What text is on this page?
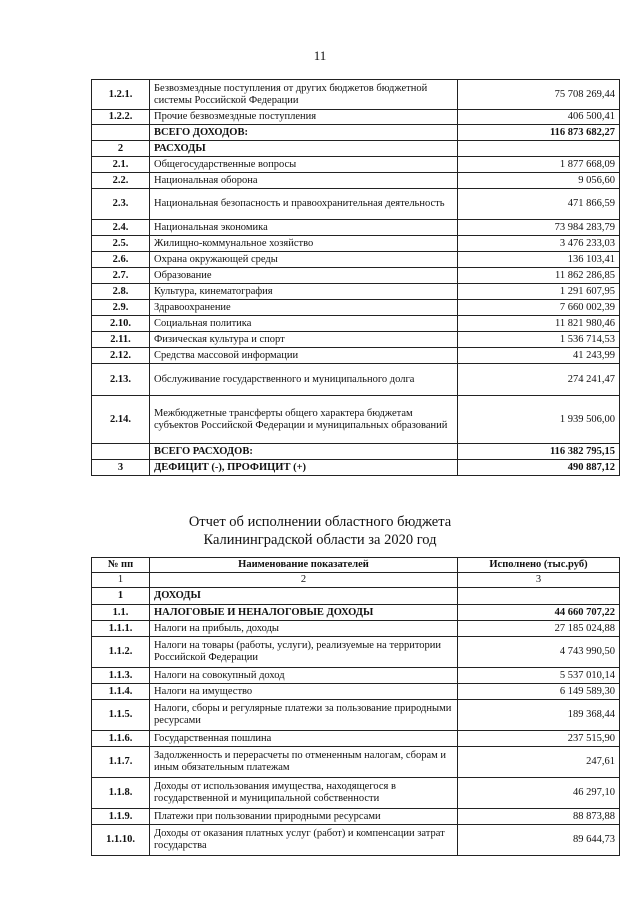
11
1.2.1.	Безвозмездные поступления от других бюджетов бюджетной системы Российской Федерации	75 708 269,44
1.2.2.	Прочие безвозмездные поступления	406 500,41
	ВСЕГО ДОХОДОВ:	116 873 682,27
2	РАСХОДЫ	
2.1.	Общегосударственные вопросы	1 877 668,09
2.2.	Национальная оборона	9 056,60
2.3.	Национальная безопасность и правоохранительная деятельность	471 866,59
2.4.	Национальная экономика	73 984 283,79
2.5.	Жилищно-коммунальное хозяйство	3 476 233,03
2.6.	Охрана окружающей среды	136 103,41
2.7.	Образование	11 862 286,85
2.8.	Культура, кинематография	1 291 607,95
2.9.	Здравоохранение	7 660 002,39
2.10.	Социальная политика	11 821 980,46
2.11.	Физическая культура и спорт	1 536 714,53
2.12.	Средства массовой информации	41 243,99
2.13.	Обслуживание государственного и муниципального долга	274 241,47
2.14.	Межбюджетные трансферты общего характера бюджетам субъектов Российской Федерации и муниципальных образований	1 939 506,00
	ВСЕГО РАСХОДОВ:	116 382 795,15
3	ДЕФИЦИТ (-), ПРОФИЦИТ (+)	490 887,12
Отчет об исполнении областного бюджета
Калининградской области за 2020 год
№ пп	Наименование показателей	Исполнено (тыс.руб)
1	2	3
1	ДОХОДЫ	
1.1.	НАЛОГОВЫЕ И НЕНАЛОГОВЫЕ ДОХОДЫ	44 660 707,22
1.1.1.	Налоги на прибыль, доходы	27 185 024,88
1.1.2.	Налоги на товары (работы, услуги), реализуемые на территории Российской Федерации	4 743 990,50
1.1.3.	Налоги на совокупный доход	5 537 010,14
1.1.4.	Налоги на имущество	6 149 589,30
1.1.5.	Налоги, сборы и регулярные платежи за пользование природными ресурсами	189 368,44
1.1.6.	Государственная пошлина	237 515,90
1.1.7.	Задолженность и перерасчеты по отмененным налогам, сборам и иным обязательным платежам	247,61
1.1.8.	Доходы от использования имущества, находящегося в государственной и муниципальной собственности	46 297,10
1.1.9.	Платежи при пользовании природными ресурсами	88 873,88
1.1.10.	Доходы от оказания платных услуг (работ) и компенсации затрат государства	89 644,73
